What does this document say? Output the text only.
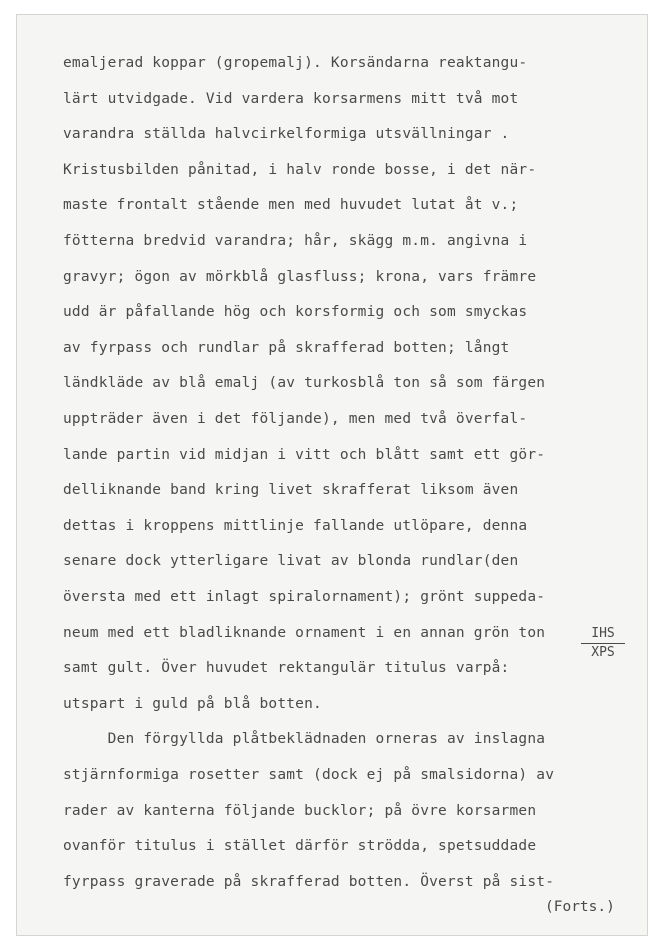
emaljerad koppar (gropemalj). Korsändarna reaktangu-
lärt utvidgade. Vid vardera korsarmens mitt två mot
varandra ställda halvcirkelformiga utsvällningar .
Kristusbilden pånitad, i halv ronde bosse, i det när-
maste frontalt stående men med huvudet lutat åt v.;
fötterna bredvid varandra; hår, skägg m.m. angivna i
gravyr; ögon av mörkblå glasfluss; krona, vars främre
udd är påfallande hög och korsformig och som smyckas
av fyrpass och rundlar på skrafferad botten; långt
ländkläde av blå emalj (av turkosblå ton så som färgen
uppträder även i det följande), men med två överfal-
lande partin vid midjan i vitt och blått samt ett gör-
delliknande band kring livet skrafferat liksom även
dettas i kroppens mittlinje fallande utlöpare, denna
senare dock ytterligare livat av blonda rundlar(den
översta med ett inlagt spiralornament); grönt suppeda-
neum med ett bladliknande ornament i en annan grön ton
samt gult. Över huvudet rektangulär titulus varpå:
utspart i guld på blå botten.
Den förgyllda plåtbeklädnaden orneras av inslagna
stjärnformiga rosetter samt (dock ej på smalsidorna) av
rader av kanterna följande bucklor; på övre korsarmen
ovanför titulus i stället därför strödda, spetsuddade
fyrpass graverade på skrafferad botten. Överst på sist-
IHS
XPS
(Forts.)
